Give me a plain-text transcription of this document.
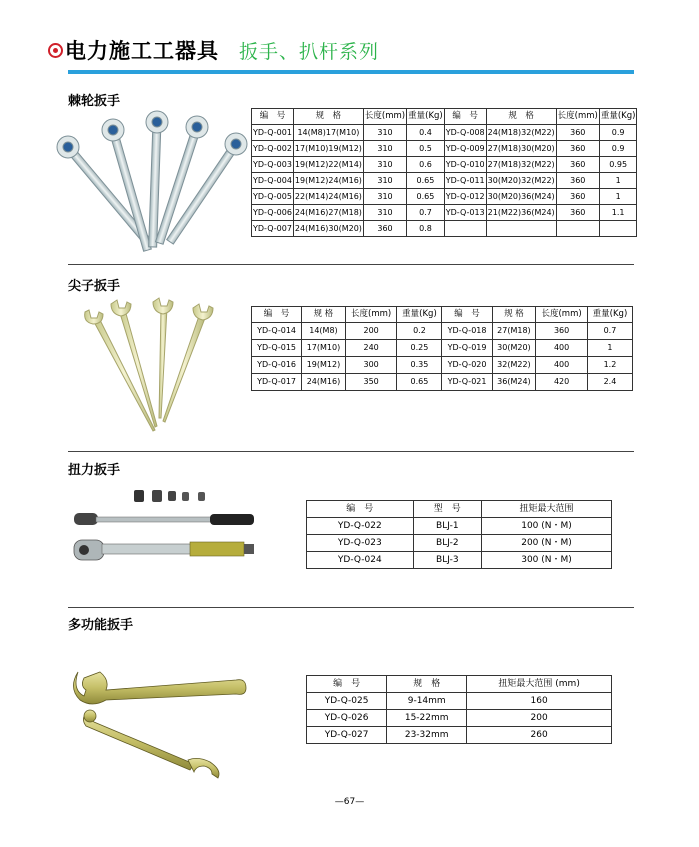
电力施工工器具 扳手、扒杆系列
棘轮扳手
编　号	规　格	长度(mm)	重量(Kg)	编　号	规　格	长度(mm)	重量(Kg)
YD-Q-001	14(M8)17(M10)	310	0.4	YD-Q-008	24(M18)32(M22)	360	0.9
YD-Q-002	17(M10)19(M12)	310	0.5	YD-Q-009	27(M18)30(M20)	360	0.9
YD-Q-003	19(M12)22(M14)	310	0.6	YD-Q-010	27(M18)32(M22)	360	0.95
YD-Q-004	19(M12)24(M16)	310	0.65	YD-Q-011	30(M20)32(M22)	360	1
YD-Q-005	22(M14)24(M16)	310	0.65	YD-Q-012	30(M20)36(M24)	360	1
YD-Q-006	24(M16)27(M18)	310	0.7	YD-Q-013	21(M22)36(M24)	360	1.1
YD-Q-007	24(M16)30(M20)	360	0.8				
尖子扳手
编　号	规 格	长度(mm)	重量(Kg)	编　号	规 格	长度(mm)	重量(Kg)
YD-Q-014	14(M8)	200	0.2	YD-Q-018	27(M18)	360	0.7
YD-Q-015	17(M10)	240	0.25	YD-Q-019	30(M20)	400	1
YD-Q-016	19(M12)	300	0.35	YD-Q-020	32(M22)	400	1.2
YD-Q-017	24(M16)	350	0.65	YD-Q-021	36(M24)	420	2.4
扭力扳手
编　号	型　号	扭矩最大范围
YD-Q-022	BLJ-1	100 (N・M)
YD-Q-023	BLJ-2	200 (N・M)
YD-Q-024	BLJ-3	300 (N・M)
多功能扳手
编　号	规　格	扭矩最大范围 (mm)
YD-Q-025	9-14mm	160
YD-Q-026	15-22mm	200
YD-Q-027	23-32mm	260
—67—
